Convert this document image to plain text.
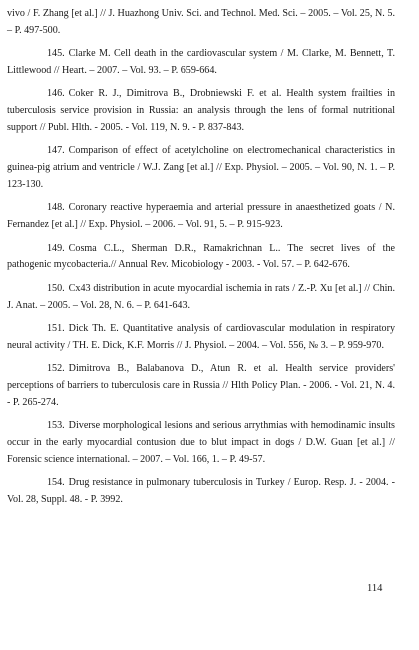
vivo / F. Zhang [et al.] // J. Huazhong Univ. Sci. and Technol. Med. Sci. – 2005. – Vol. 25, N. 5. – P. 497-500.

145. Clarke M. Cell death in the cardiovascular system / M. Clarke, M. Bennett, T. Littlewood // Heart. – 2007. – Vol. 93. – P. 659-664.

146. Coker R. J., Dimitrova B., Drobniewski F. et al. Health system frailties in tuberculosis service provision in Russia: an analysis through the lens of formal nutritional support // Publ. Hlth. - 2005. - Vol. 119, N. 9. - P. 837-843.

147. Comparison of effect of acetylcholine on electromechanical characteristics in guinea-pig atrium and ventricle / W.J. Zang [et al.] // Exp. Physiol. – 2005. – Vol. 90, N. 1. – P. 123-130.

148. Coronary reactive hyperaemia and arterial pressure in anaesthetized goats / N. Fernandez [et al.] // Exp. Physiol. – 2006. – Vol. 91, 5. – P. 915-923.

149. Cosma C.L., Sherman D.R., Ramakrichnan L.. The secret lives of the pathogenic mycobacteria.// Annual Rev. Micobiology - 2003. - Vol. 57. – P. 642-676.

150. Cx43 distribution in acute myocardial ischemia in rats / Z.-P. Xu [et al.] // Chin. J. Anat. – 2005. – Vol. 28, N. 6. – P. 641-643.

151. Dick Th. E. Quantitative analysis of cardiovascular modulation in respiratory neural activity / TH. E. Dick, K.F. Morris // J. Physiol. – 2004. – Vol. 556, № 3. – P. 959-970.

152. Dimitrova B., Balabanova D., Atun R. et al. Health service providers' perceptions of barriers to tuberculosis care in Russia // Hlth Policy Plan. - 2006. - Vol. 21, N. 4. - P. 265-274.

153. Diverse morphological lesions and serious arrythmias with hemodinamic insults occur in the early myocardial contusion due to blut impact in dogs / D.W. Guan [et al.] // Forensic science international. – 2007. – Vol. 166, 1. – P. 49-57.

154. Drug resistance in pulmonary tuberculosis in Turkey / Europ. Resp. J. - 2004. - Vol. 28, Suppl. 48. - P. 3992.

114
